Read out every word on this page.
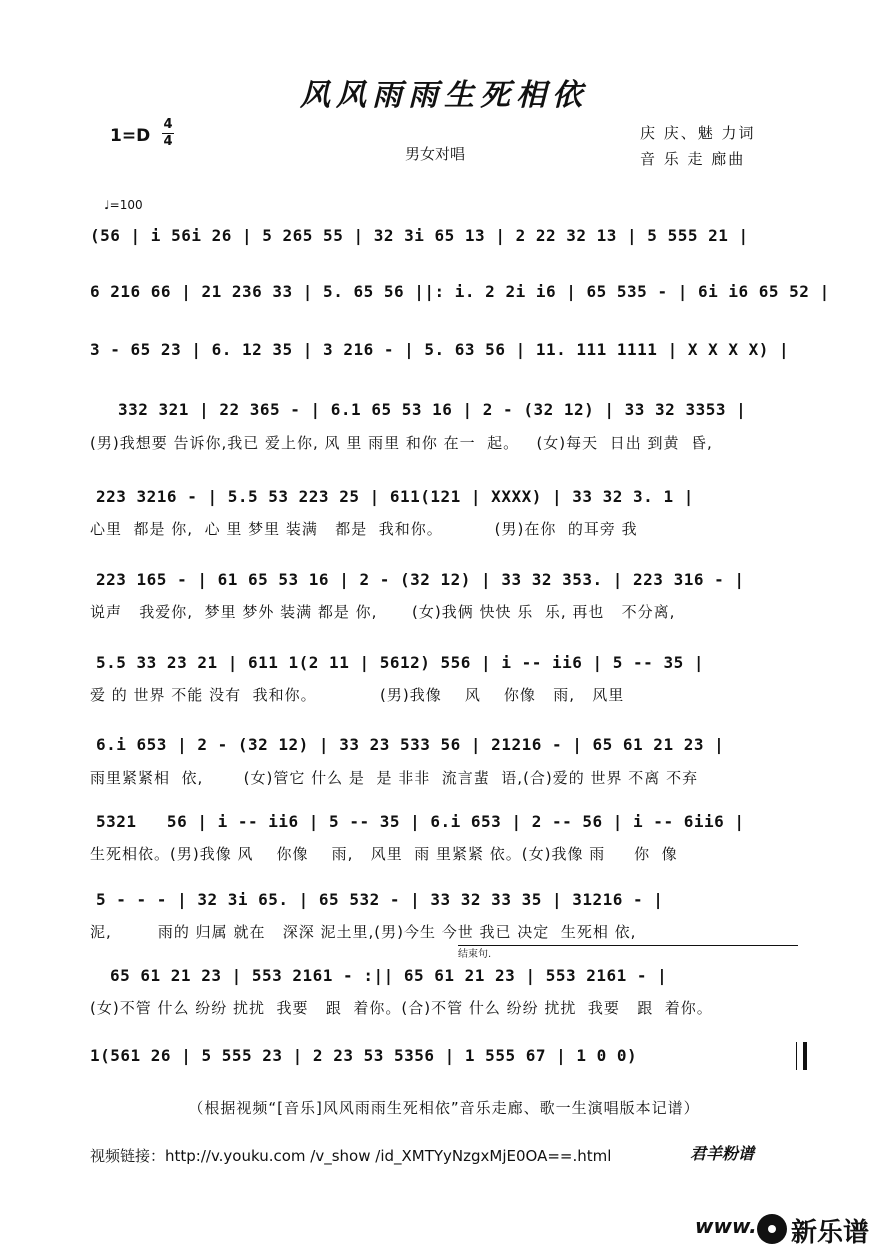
风风雨雨生死相依
1=D
4
4
男女对唱
庆 庆、魅 力词
音 乐 走 廊曲
♩=100
(56 | i 56i 26 | 5 265 55 | 32 3i 65 13 | 2 22 32 13 | 5 555 21 |
6 216 66 | 21 236 33 | 5. 65 56 ||: i. 2 2i i6 | 65 535 - | 6i i6 65 52 |
3 - 65 23 | 6. 12 35 | 3 216 - | 5. 63 56 | 11. 111 1111 | X X X X) |
332 321 | 22 365 - | 6.1 65 53 16 | 2 - (32 12) | 33 32 3353 |
(男)我想要 告诉你,我已 爱上你, 风 里 雨里 和你 在一  起。   (女)每天  日出 到黄  昏,
223 3216 - | 5.5 53 223 25 | 611(121 | XXXX) | 33 32 3. 1 |
心里  都是 你,  心 里 梦里 装满   都是  我和你。         (男)在你  的耳旁 我
223 165 - | 61 65 53 16 | 2 - (32 12) | 33 32 353. | 223 316 - |
说声   我爱你,  梦里 梦外 装满 都是 你,      (女)我俩 快快 乐  乐, 再也   不分离,
5.5 33 23 21 | 611 1(2 11 | 5612) 556 | i -- ii6 | 5 -- 35 |
爱 的 世界 不能 没有  我和你。           (男)我像    风    你像   雨,   风里
6.i 653 | 2 - (32 12) | 33 23 533 56 | 21216 - | 65 61 21 23 |
雨里紧紧相  依,       (女)管它 什么 是  是 非非  流言蜚  语,(合)爱的 世界 不离 不弃
5321   56 | i -- ii6 | 5 -- 35 | 6.i 653 | 2 -- 56 | i -- 6ii6 |
生死相依。(男)我像 风    你像    雨,   风里  雨 里紧紧 依。(女)我像 雨     你  像
5 - - - | 32 3i 65. | 65 532 - | 33 32 33 35 | 31216 - |
泥,        雨的 归属 就在   深深 泥土里,(男)今生 今世 我已 决定  生死相 依,
结束句.
65 61 21 23 | 553 2161 - :|| 65 61 21 23 | 553 2161 - |
(女)不管 什么 纷纷 扰扰  我要   跟  着你。(合)不管 什么 纷纷 扰扰  我要   跟  着你。
1(561 26 | 5 555 23 | 2 23 53 5356 | 1 555 67 | 1 0 0)
（根据视频“[音乐]风风雨雨生死相依”音乐走廊、歌一生演唱版本记谱）
视频链接：http://v.youku.com /v_show /id_XMTYyNzgxMjE0OA==.html	君羊粉谱
www. 新乐谱
